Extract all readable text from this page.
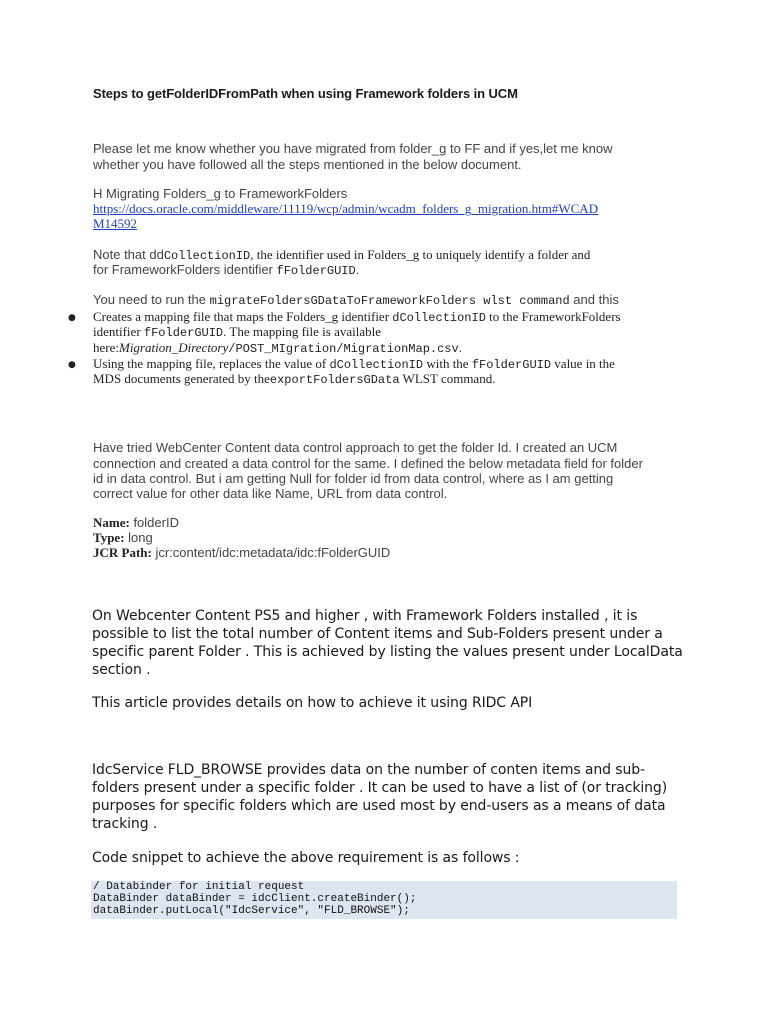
Steps to getFolderIDFromPath when using Framework folders in UCM
Please let me know whether you have migrated from folder_g to FF and if yes,let me know
whether you have followed all the steps mentioned in the below document.
H Migrating Folders_g to FrameworkFolders
https://docs.oracle.com/middleware/11119/wcp/admin/wcadm_folders_g_migration.htm#WCAD
M14592
Note that ddCollectionID, the identifier used in Folders_g to uniquely identify a folder and
for FrameworkFolders identifier fFolderGUID.
You need to run the migrateFoldersGDataToFrameworkFolders wlst command and this
● Creates a mapping file that maps the Folders_g identifier dCollectionID to the FrameworkFolders
identifier fFolderGUID. The mapping file is available
here:Migration_Directory/POST_MIgration/MigrationMap.csv.
● Using the mapping file, replaces the value of dCollectionID with the fFolderGUID value in the
MDS documents generated by theexportFoldersGData WLST command.
Have tried WebCenter Content data control approach to get the folder Id. I created an UCM
connection and created a data control for the same. I defined the below metadata field for folder
id in data control. But i am getting Null for folder id from data control, where as I am getting
correct value for other data like Name, URL from data control.
Name: folderID
Type: long
JCR Path: jcr:content/idc:metadata/idc:fFolderGUID
On Webcenter Content PS5 and higher , with Framework Folders installed , it is
possible to list the total number of Content items and Sub-Folders present under a
specific parent Folder . This is achieved by listing the values present under LocalData
section .
This article provides details on how to achieve it using RIDC API
IdcService FLD_BROWSE provides data on the number of conten items and sub-
folders present under a specific folder . It can be used to have a list of (or tracking)
purposes for specific folders which are used most by end-users as a means of data
tracking .
Code snippet to achieve the above requirement is as follows :
/ Databinder for initial request
DataBinder dataBinder = idcClient.createBinder();
dataBinder.putLocal("IdcService", "FLD_BROWSE");
